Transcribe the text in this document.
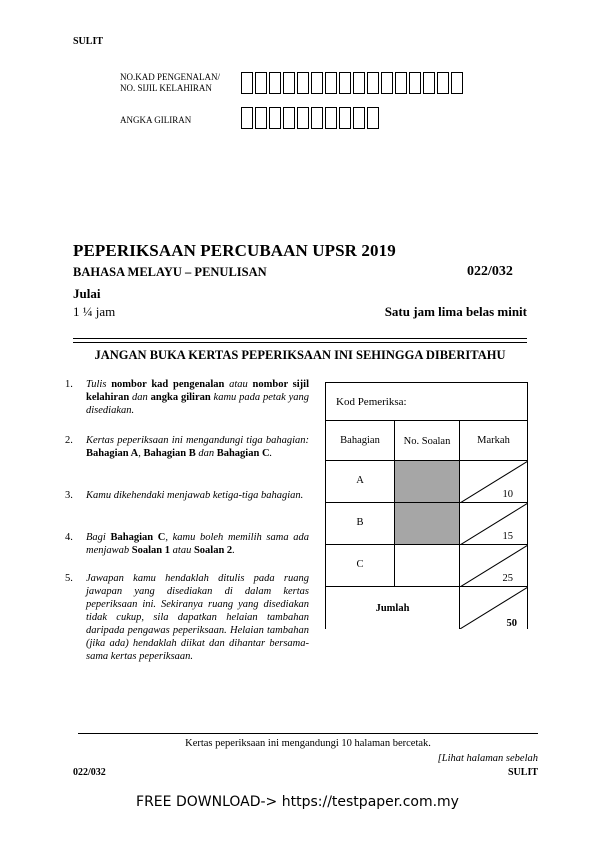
SULIT
NO.KAD PENGENALAN/
NO. SIJIL KELAHIRAN
ANGKA GILIRAN
PEPERIKSAAN PERCUBAAN UPSR 2019
BAHASA MELAYU – PENULISAN	022/032
Julai
1 ¼ jam	Satu jam lima belas minit
JANGAN BUKA KERTAS PEPERIKSAAN INI SEHINGGA DIBERITAHU
1. Tulis nombor kad pengenalan atau nombor sijil kelahiran dan angka giliran kamu pada petak yang disediakan.
2. Kertas peperiksaan ini mengandungi tiga bahagian: Bahagian A, Bahagian B dan Bahagian C.
3. Kamu dikehendaki menjawab ketiga-tiga bahagian.
4. Bagi Bahagian C, kamu boleh memilih sama ada menjawab Soalan 1 atau Soalan 2.
5. Jawapan kamu hendaklah ditulis pada ruang jawapan yang disediakan di dalam kertas peperiksaan ini. Sekiranya ruang yang disediakan tidak cukup, sila dapatkan helaian tambahan daripada pengawas peperiksaan. Helaian tambahan (jika ada) hendaklah diikat dan dihantar bersama-sama kertas peperiksaan.
Kod Pemeriksa:		
Bahagian	No. Soalan	Markah
A		10

B		15

C		25

Jumlah		50
Kertas peperiksaan ini mengandungi 10 halaman bercetak.
[Lihat halaman sebelah
022/032	SULIT
FREE DOWNLOAD-> https://testpaper.com.my
